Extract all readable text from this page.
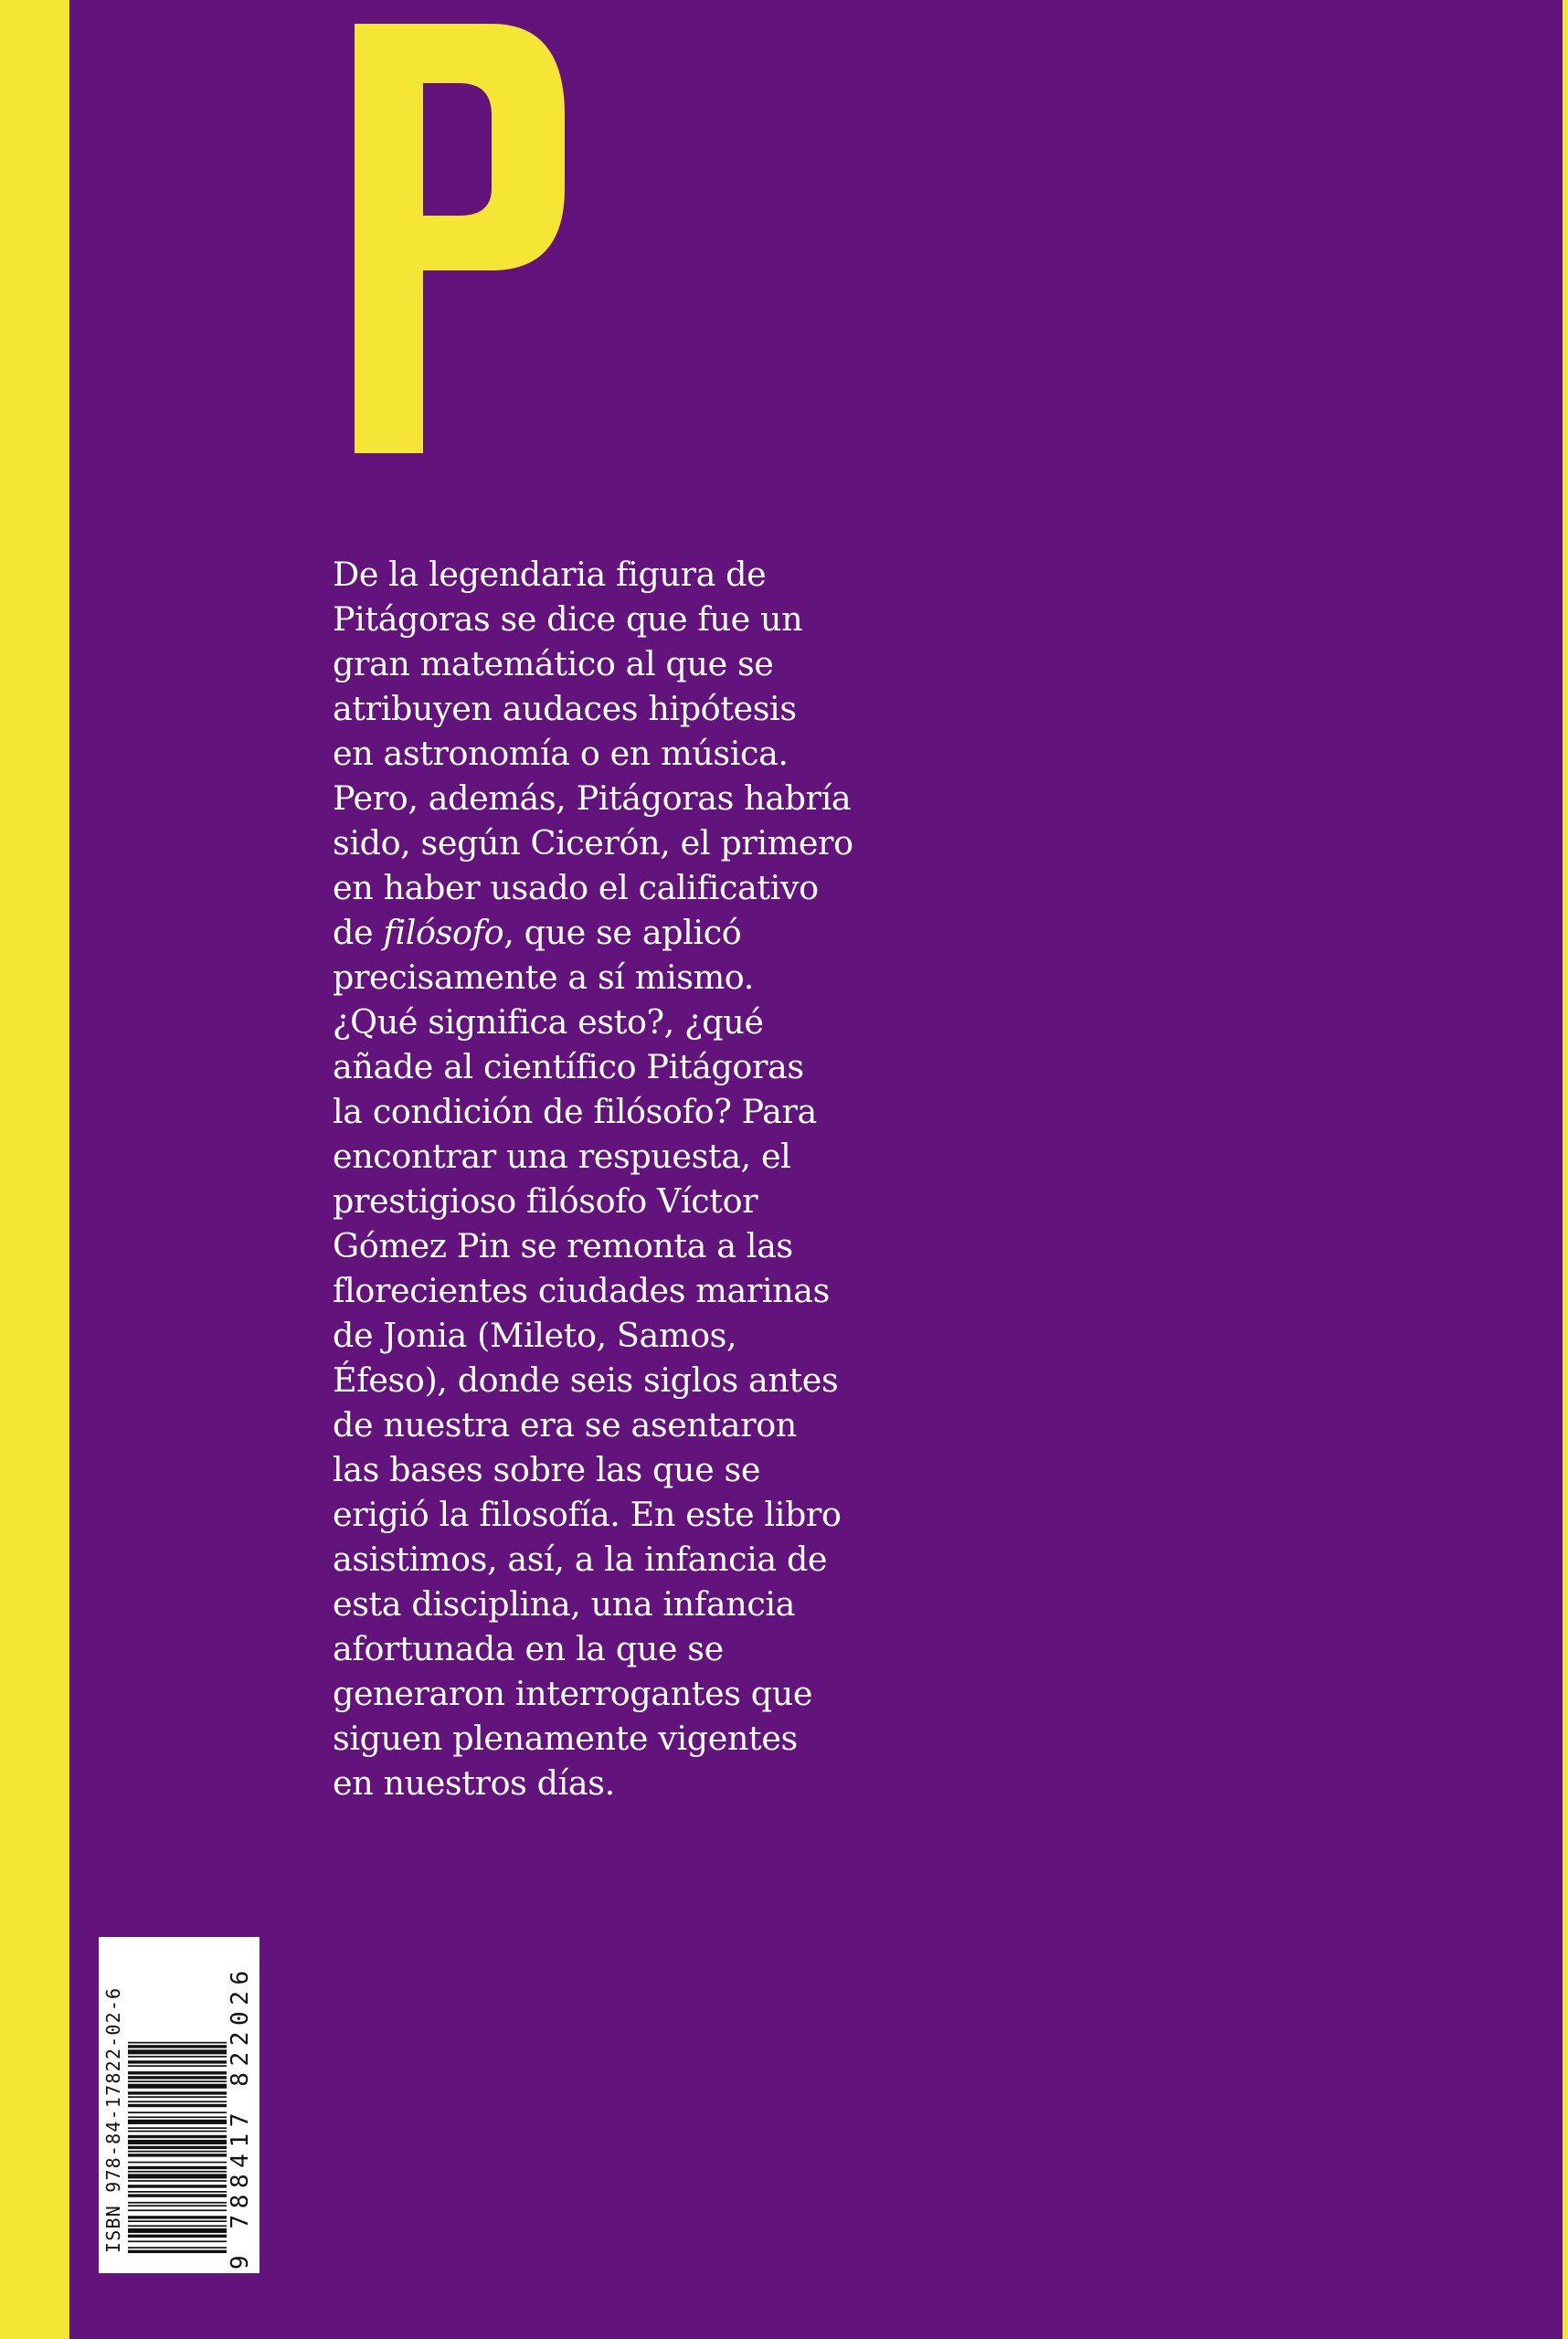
De la legendaria figura de
Pitágoras se dice que fue un
gran matemático al que se
atribuyen audaces hipótesis
en astronomía o en música.
Pero, además, Pitágoras habría
sido, según Cicerón, el primero
en haber usado el calificativo
de filósofo, que se aplicó
precisamente a sí mismo.
¿Qué significa esto?, ¿qué
añade al científico Pitágoras
la condición de filósofo? Para
encontrar una respuesta, el
prestigioso filósofo Víctor
Gómez Pin se remonta a las
florecientes ciudades marinas
de Jonia (Mileto, Samos,
Éfeso), donde seis siglos antes
de nuestra era se asentaron
las bases sobre las que se
erigió la filosofía. En este libro
asistimos, así, a la infancia de
esta disciplina, una infancia
afortunada en la que se
generaron interrogantes que
siguen plenamente vigentes
en nuestros días.
ISBN 978-84-17822-02-6	9 788417 822026
